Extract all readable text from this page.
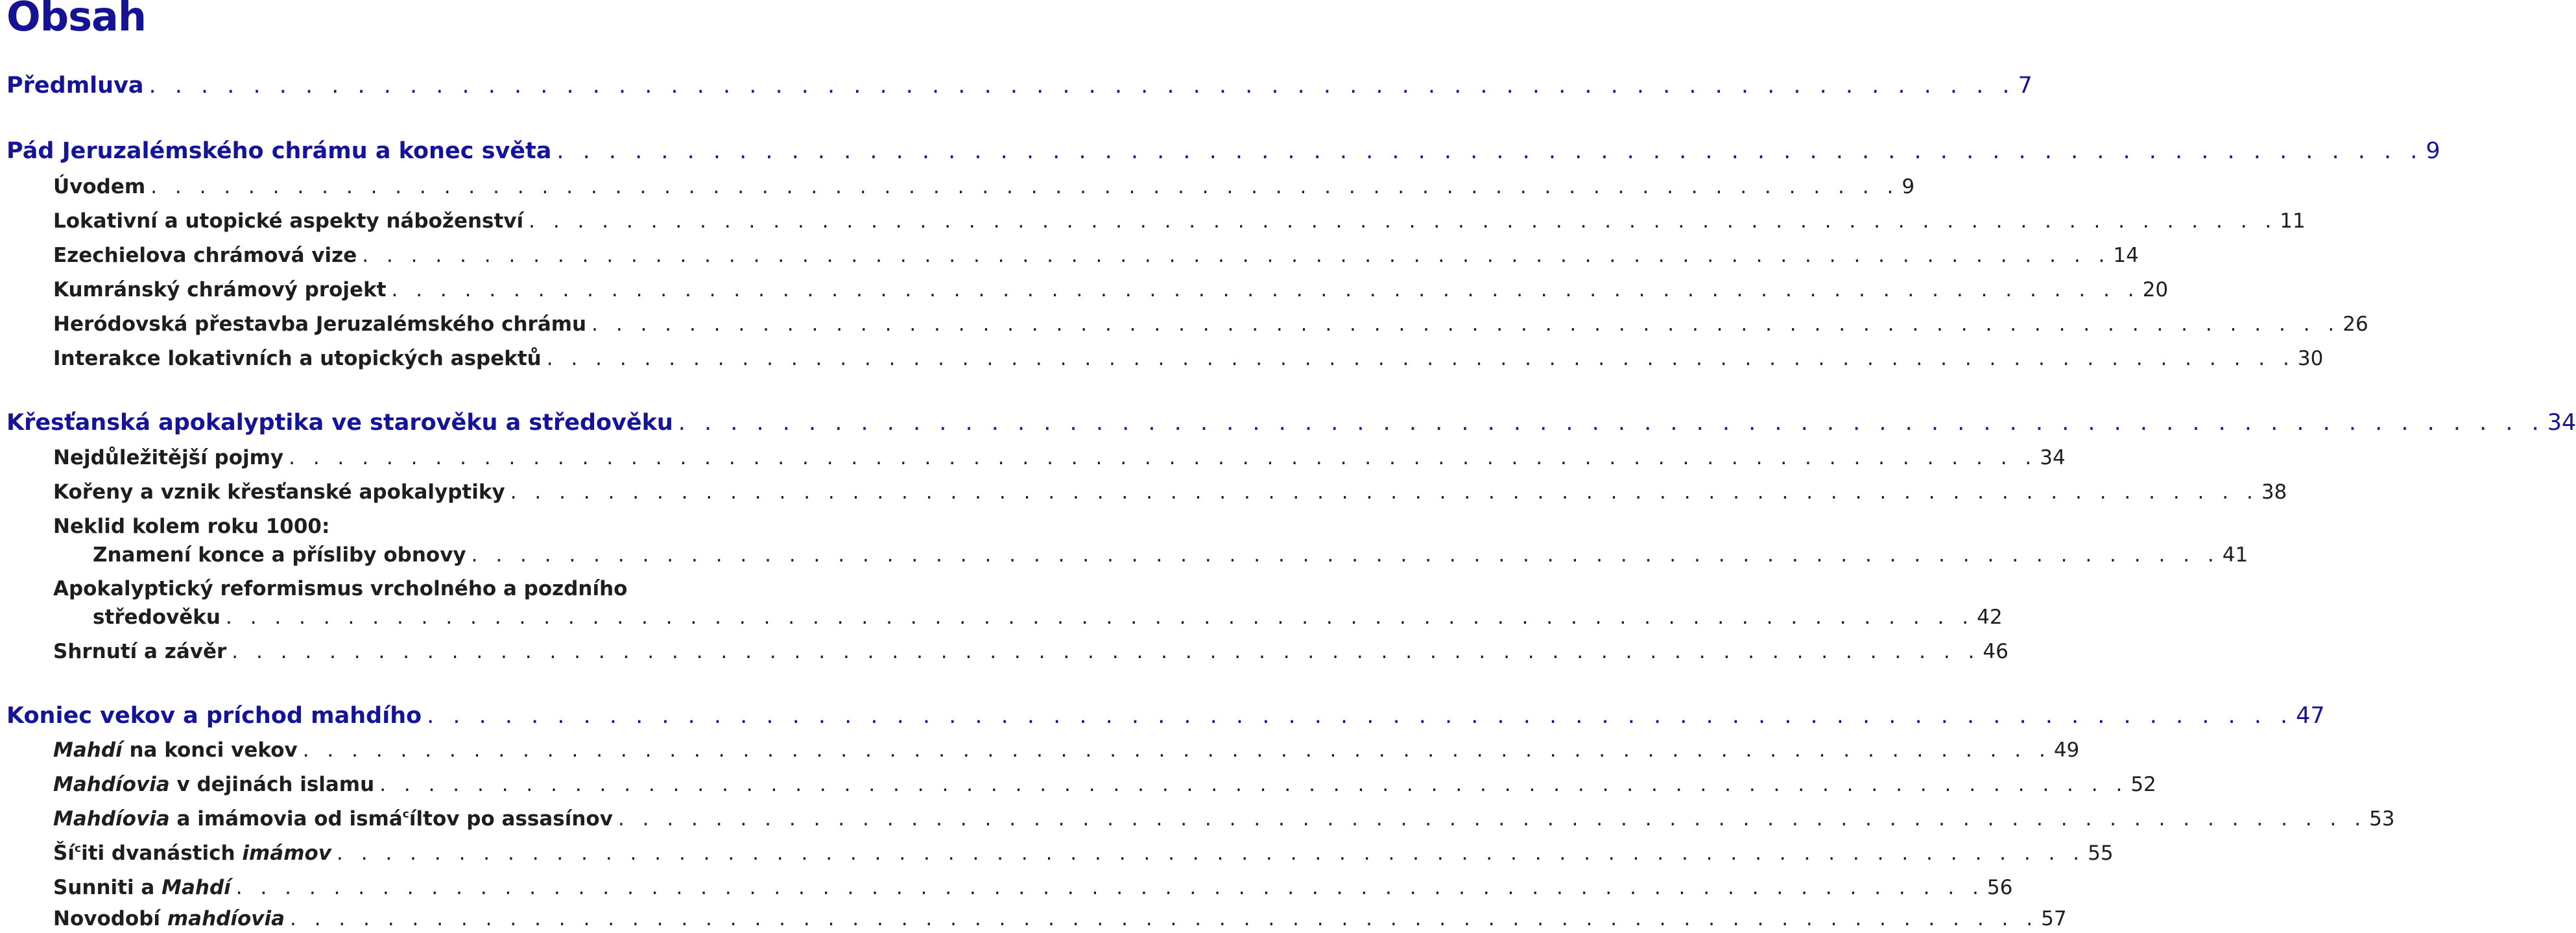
Obsah
Předmluva . . . . . . . . . . . . . . . . . . . . . . . . . . . . . . . . . . . . . . . . . . . . . . . . . . . . . . . . . . . . . . . . . . . . . . . . 7
Pád Jeruzalémského chrámu a konec světa . . . . . . . . . . . . . . . . . . . . . . . . . . . . . . . . . . . . . . . . . . . . . . . . . . . . . . . . . . . . . . . . . . . . . . . . 9
Úvodem . . . . . . . . . . . . . . . . . . . . . . . . . . . . . . . . . . . . . . . . . . . . . . . . . . . . . . . . . . . . . . . . . . . . . . . . 9
Lokativní a utopické aspekty náboženství . . . . . . . . . . . . . . . . . . . . . . . . . . . . . . . . . . . . . . . . . . . . . . . . . . . . . . . . . . . . . . . . . . . . . . . . 11
Ezechielova chrámová vize . . . . . . . . . . . . . . . . . . . . . . . . . . . . . . . . . . . . . . . . . . . . . . . . . . . . . . . . . . . . . . . . . . . . . . . . 14
Kumránský chrámový projekt . . . . . . . . . . . . . . . . . . . . . . . . . . . . . . . . . . . . . . . . . . . . . . . . . . . . . . . . . . . . . . . . . . . . . . . . 20
Heródovská přestavba Jeruzalémského chrámu . . . . . . . . . . . . . . . . . . . . . . . . . . . . . . . . . . . . . . . . . . . . . . . . . . . . . . . . . . . . . . . . . . . . . . . . 26
Interakce lokativních a utopických aspektů . . . . . . . . . . . . . . . . . . . . . . . . . . . . . . . . . . . . . . . . . . . . . . . . . . . . . . . . . . . . . . . . . . . . . . . . 30
Křesťanská apokalyptika ve starověku a středověku . . . . . . . . . . . . . . . . . . . . . . . . . . . . . . . . . . . . . . . . . . . . . . . . . . . . . . . . . . . . . . . . . . . . . . . . 34
Nejdůležitější pojmy . . . . . . . . . . . . . . . . . . . . . . . . . . . . . . . . . . . . . . . . . . . . . . . . . . . . . . . . . . . . . . . . . . . . . . . . 34
Kořeny a vznik křesťanské apokalyptiky . . . . . . . . . . . . . . . . . . . . . . . . . . . . . . . . . . . . . . . . . . . . . . . . . . . . . . . . . . . . . . . . . . . . . . . . 38
Neklid kolem roku 1000:
Znamení konce a přísliby obnovy . . . . . . . . . . . . . . . . . . . . . . . . . . . . . . . . . . . . . . . . . . . . . . . . . . . . . . . . . . . . . . . . . . . . . . . . 41
Apokalyptický reformismus vrcholného a pozdního
středověku . . . . . . . . . . . . . . . . . . . . . . . . . . . . . . . . . . . . . . . . . . . . . . . . . . . . . . . . . . . . . . . . . . . . . . . . 42
Shrnutí a závěr . . . . . . . . . . . . . . . . . . . . . . . . . . . . . . . . . . . . . . . . . . . . . . . . . . . . . . . . . . . . . . . . . . . . . . . . 46
Koniec vekov a príchod mahdího . . . . . . . . . . . . . . . . . . . . . . . . . . . . . . . . . . . . . . . . . . . . . . . . . . . . . . . . . . . . . . . . . . . . . . . . 47
Mahdí na konci vekov . . . . . . . . . . . . . . . . . . . . . . . . . . . . . . . . . . . . . . . . . . . . . . . . . . . . . . . . . . . . . . . . . . . . . . . . 49
Mahdíovia v dejinách islamu . . . . . . . . . . . . . . . . . . . . . . . . . . . . . . . . . . . . . . . . . . . . . . . . . . . . . . . . . . . . . . . . . . . . . . . . 52
Mahdíovia a imámovia od ismá$^c$íltov po assasínov . . . . . . . . . . . . . . . . . . . . . . . . . . . . . . . . . . . . . . . . . . . . . . . . . . . . . . . . . . . . . . . . . . . . . . . . 53
$Ší^citi$ dvanástich imámov . . . . . . . . . . . . . . . . . . . . . . . . . . . . . . . . . . . . . . . . . . . . . . . . . . . . . . . . . . . . . . . . . . . . . . . . 55
Sunniti a Mahdí . . . . . . . . . . . . . . . . . . . . . . . . . . . . . . . . . . . . . . . . . . . . . . . . . . . . . . . . . . . . . . . . . . . . . . . . 56
Novodobí mahdíovia . . . . . . . . . . . . . . . . . . . . . . . . . . . . . . . . . . . . . . . . . . . . . . . . . . . . . . . . . . . . . . . . . . . . . . . . 57
